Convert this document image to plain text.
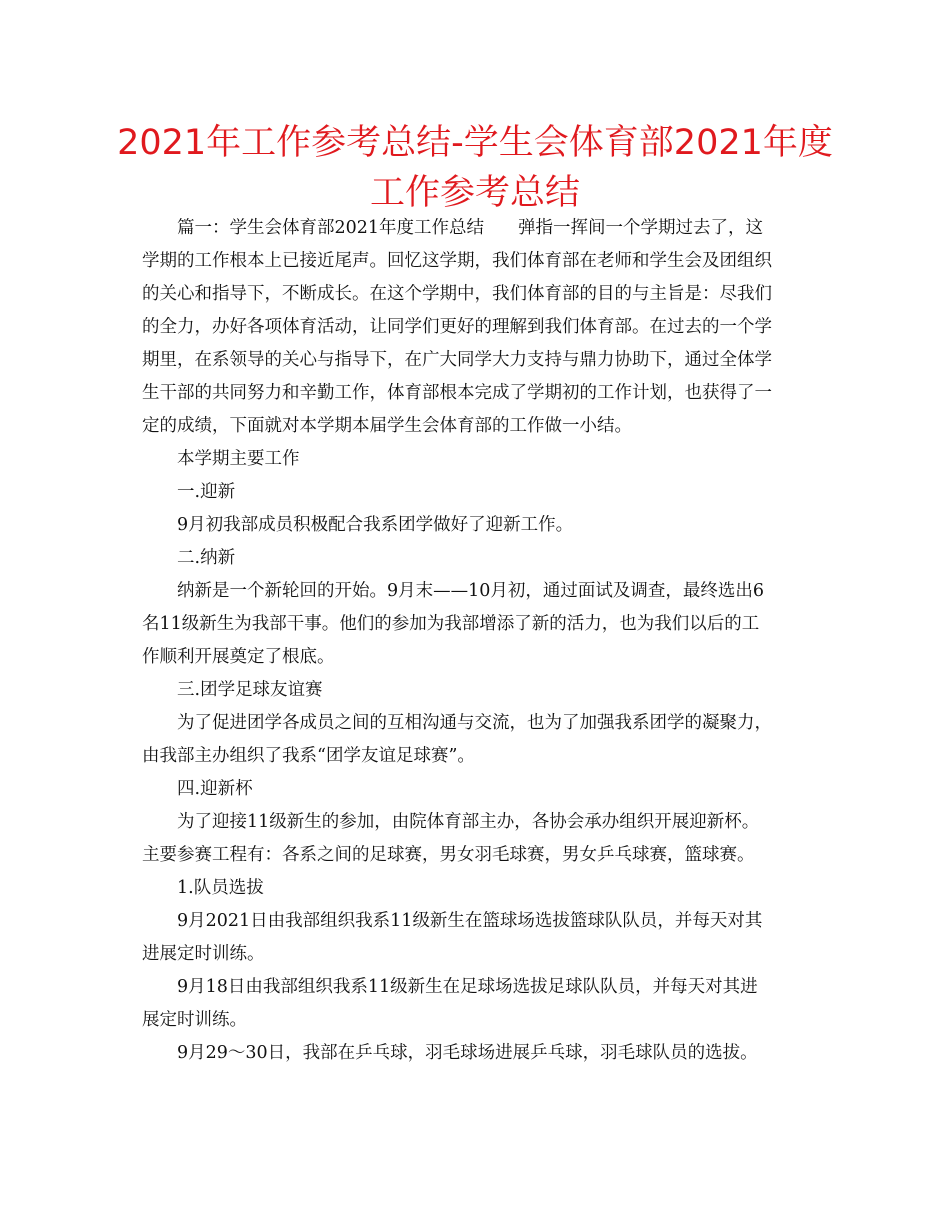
2021年工作参考总结-学生会体育部2021年度
工作参考总结

篇一：学生会体育部2021年度工作总结 弹指一挥间一个学期过去了，这
学期的工作根本上已接近尾声。回忆这学期，我们体育部在老师和学生会及团组织
的关心和指导下，不断成长。在这个学期中，我们体育部的目的与主旨是：尽我们
的全力，办好各项体育活动，让同学们更好的理解到我们体育部。在过去的一个学
期里，在系领导的关心与指导下，在广大同学大力支持与鼎力协助下，通过全体学
生干部的共同努力和辛勤工作，体育部根本完成了学期初的工作计划，也获得了一
定的成绩，下面就对本学期本届学生会体育部的工作做一小结。

本学期主要工作

一.迎新

9月初我部成员积极配合我系团学做好了迎新工作。

二.纳新

纳新是一个新轮回的开始。9月末——10月初，通过面试及调查，最终选出6
名11级新生为我部干事。他们的参加为我部增添了新的活力，也为我们以后的工
作顺利开展奠定了根底。

三.团学足球友谊赛

为了促进团学各成员之间的互相沟通与交流，也为了加强我系团学的凝聚力，
由我部主办组织了我系“团学友谊足球赛”。

四.迎新杯

为了迎接11级新生的参加，由院体育部主办，各协会承办组织开展迎新杯。
主要参赛工程有：各系之间的足球赛，男女羽毛球赛，男女乒乓球赛，篮球赛。

1.队员选拔

9月2021日由我部组织我系11级新生在篮球场选拔篮球队队员，并每天对其
进展定时训练。

9月18日由我部组织我系11级新生在足球场选拔足球队队员，并每天对其进
展定时训练。

9月29～30日，我部在乒乓球，羽毛球场进展乒乓球，羽毛球队员的选拔。
